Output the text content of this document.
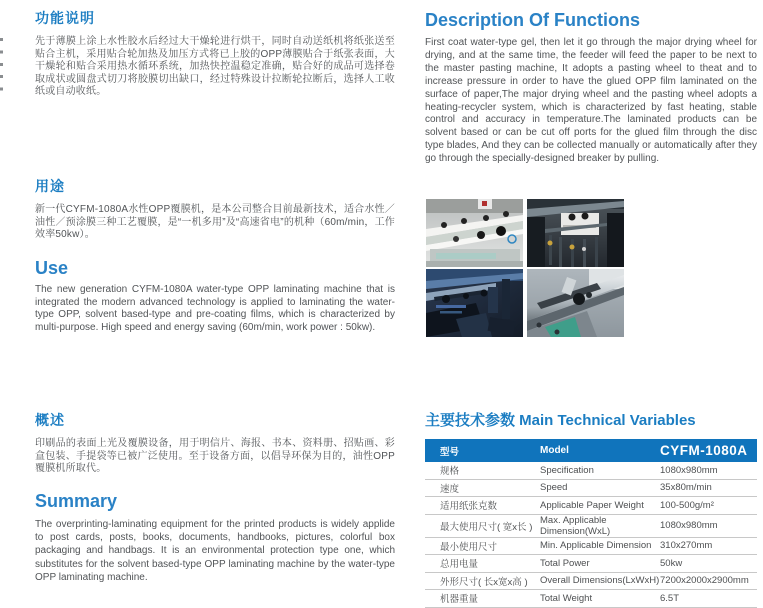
功能说明

先于薄膜上涂上水性胶水后经过大干燥轮进行烘干，同时自动送纸机将纸张送至贴合主机，采用贴合轮加热及加压方式将已上胶的OPP薄膜贴合于纸张表面，大干燥轮和贴合采用热水循环系统，加热快控温稳定准确，贴合好的成品可选择卷取成状或圆盘式切刀将胶膜切出缺口，经过特殊设计拉断轮拉断后，选择人工收纸或自动收纸。

用途

新一代CYFM-1080A水性OPP覆膜机，是本公司整合目前最新技术，适合水性／油性／预涂膜三种工艺覆膜，是“一机多用”及“高速省电”的机种（60m/min，工作效率50kw）。

Use

The new generation CYFM-1080A water-type OPP laminating machine that is integrated the modern advanced technology is applied to laminating the water-type OPP, solvent based-type and pre-coating films, which is characterized by multi-purpose. High speed and energy saving (60m/min, work power : 50kw).

概述

印刷品的表面上光及覆膜设备，用于明信片、海报、书本、资料册、招贴画、彩盒包装、手提袋等已被广泛使用。至于设备方面，以倡导环保为目的，油性OPP覆膜机所取代。

Summary

The overprinting-laminating equipment for the printed products is widely applide to post cards, posts, books, documents, handbooks, pictures, colorful box packaging and handbags. It is an environmental protection type one, which substitutes for the solvent based-type OPP laminating machine by the water-type OPP laminating machine.

Description Of Functions

First coat water-type gel, then let it go through the major drying wheel for drying, and at the same time, the feeder will feed the paper to be next to the master pasting machine, It adopts a pasting wheel to theat and to increase pressure in order to have the glued OPP film laminated on the surface of paper,The major drying wheel and the pasting wheel adopts a heating-recycler system, which is characterized by fast heating, stable control and accuracy in temperature.The laminated products can be solvent based or can be cut off ports for the glued film through the disc type blades, And they can be collected manually or automatically after they go through the specially-designed breaker by pulling.

主要技术参数 Main Technical Variables
型号	Model	CYFM-1080A
规格	Specification	1080x980mm
速度	Speed	35x80m/min
适用纸张克数	Applicable Paper Weight	100-500g/m²
最大使用尺寸( 宽x长 )	Max. Applicable Dimension(WxL)	1080x980mm
最小使用尺寸	Min. Applicable Dimension	310x270mm
总用电量	Total Power	50kw
外形尺寸( 长x宽x高 )	Overall Dimensions(LxWxH)	7200x2000x2900mm
机器重量	Total Weight	6.5T
